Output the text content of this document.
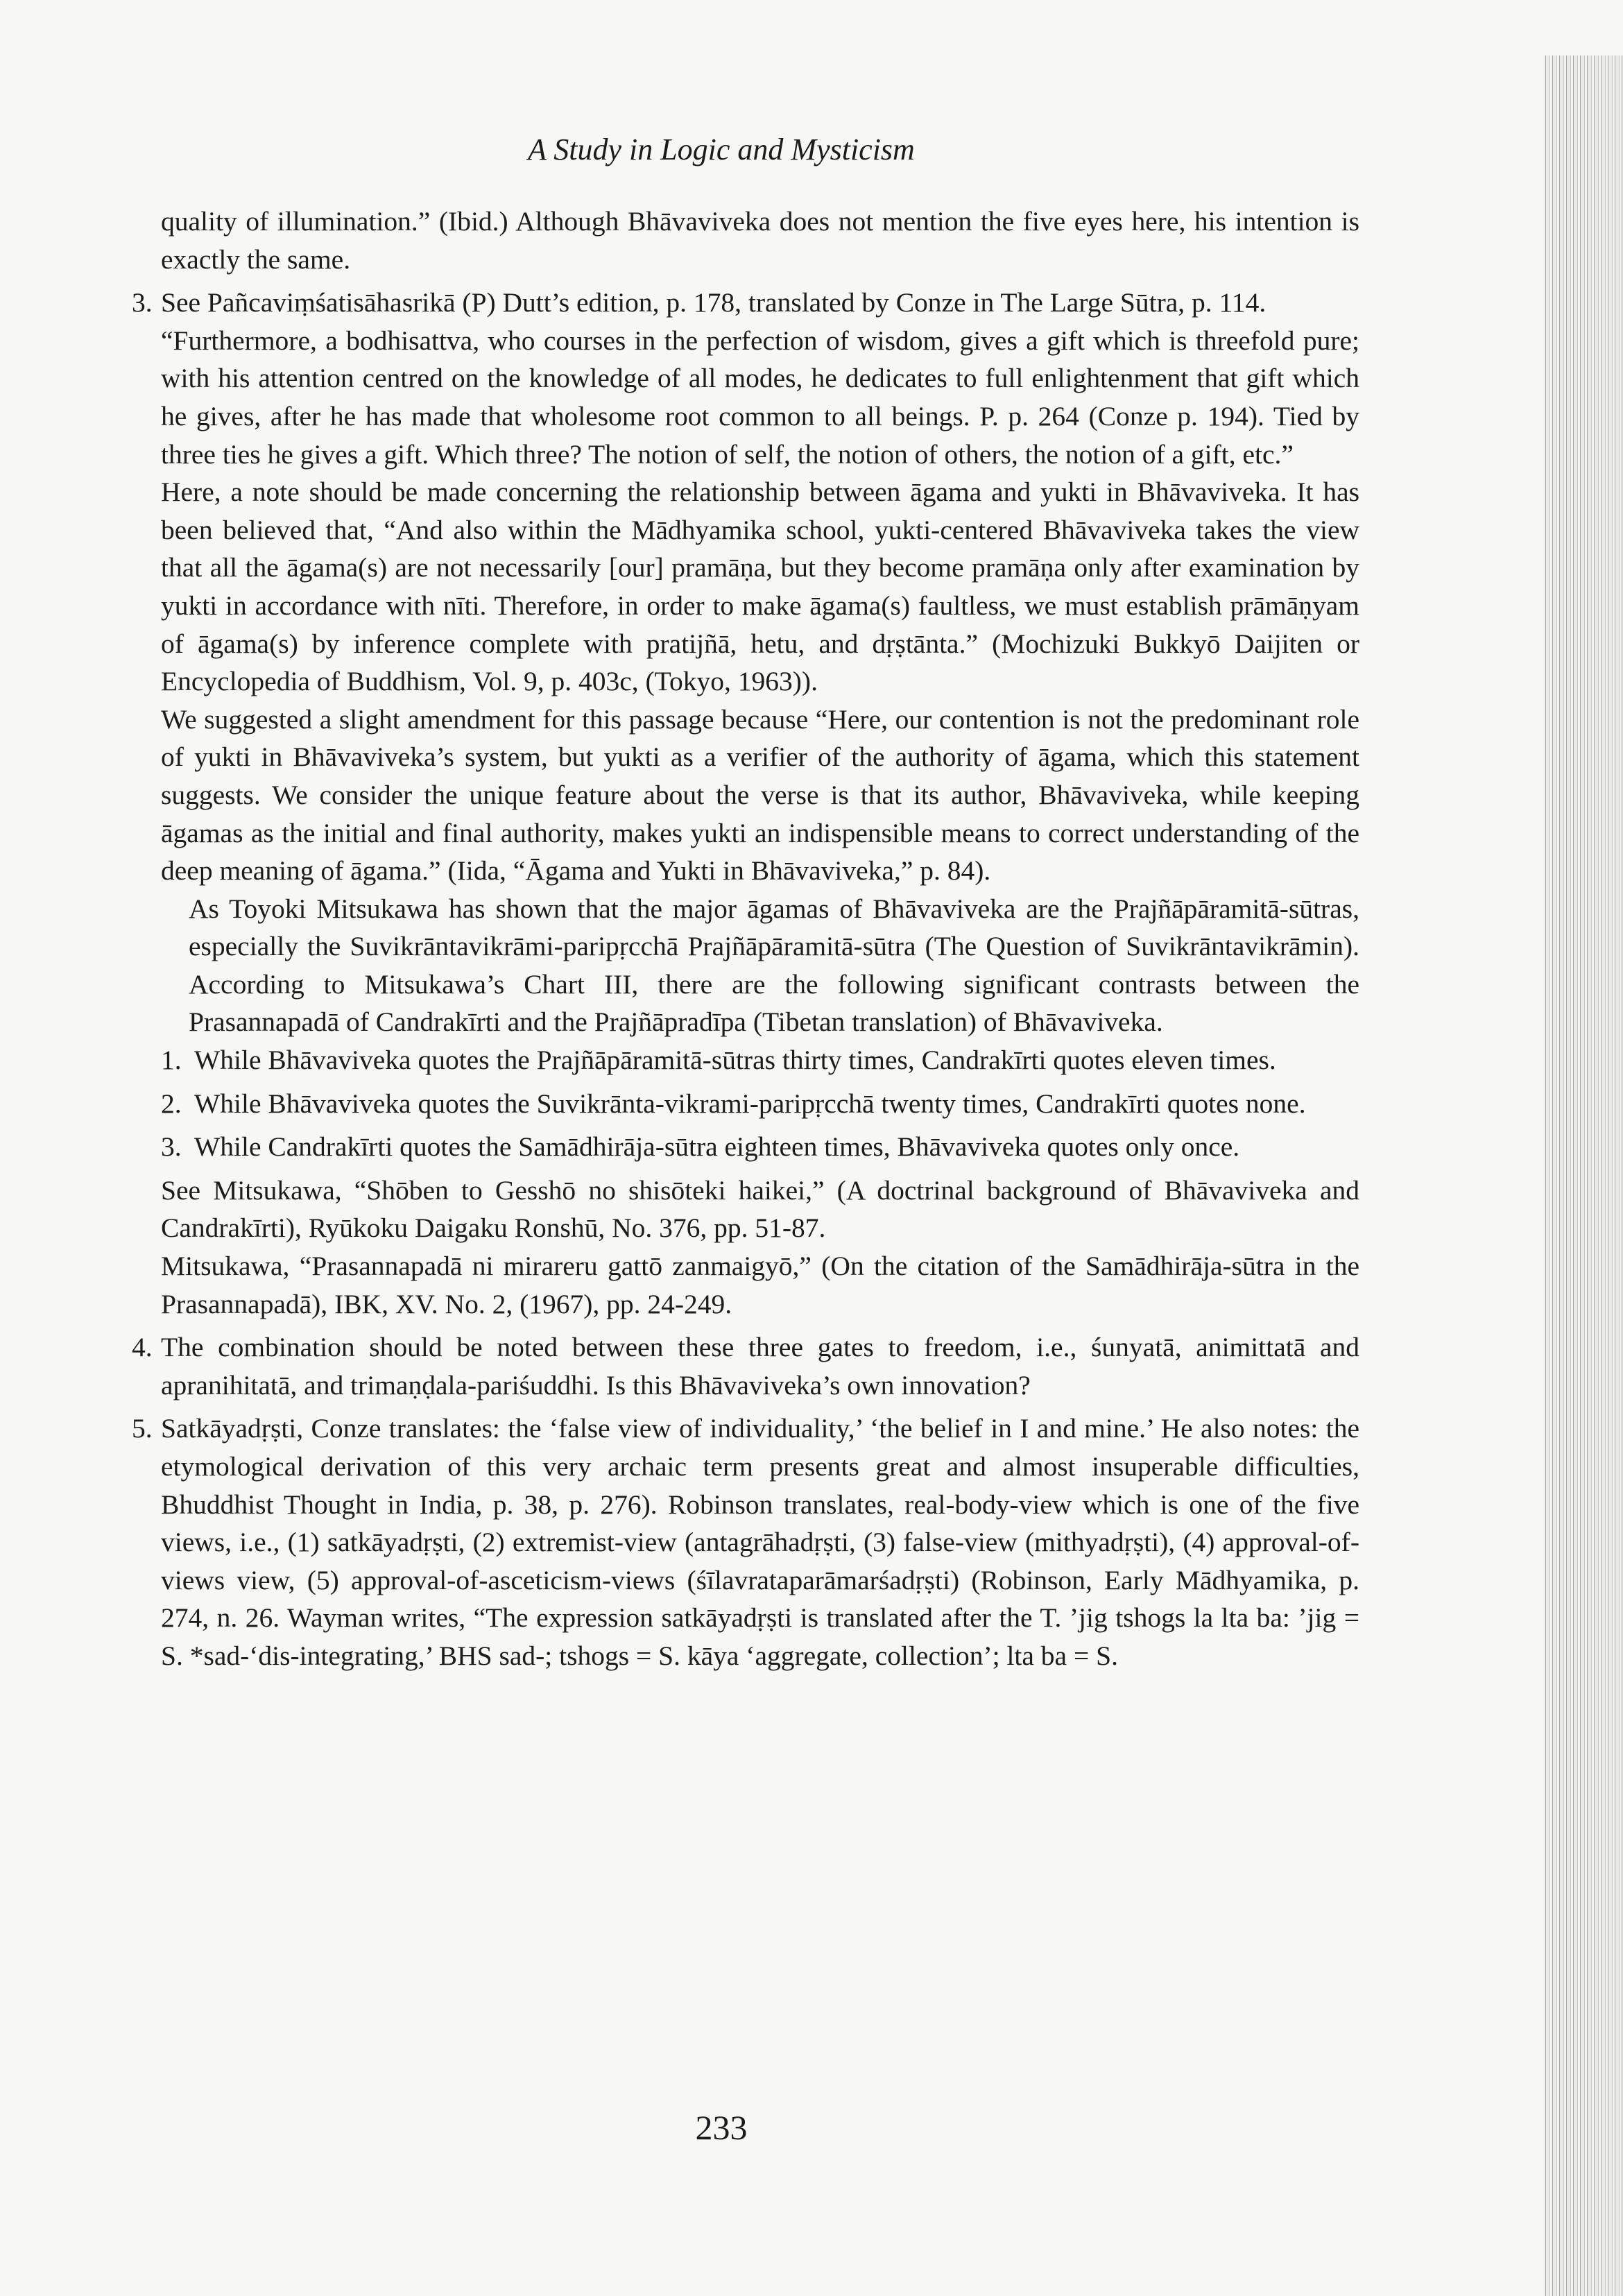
A Study in Logic and Mysticism

quality of illumination.” (Ibid.) Although Bhāvaviveka does not mention the five eyes here, his intention is exactly the same.

3. See Pañcaviṃśatisāhasrikā (P) Dutt’s edition, p. 178, translated by Conze in The Large Sūtra, p. 114.

“Furthermore, a bodhisattva, who courses in the perfection of wisdom, gives a gift which is threefold pure; with his attention centred on the knowledge of all modes, he dedicates to full enlightenment that gift which he gives, after he has made that wholesome root common to all beings. P. p. 264 (Conze p. 194). Tied by three ties he gives a gift. Which three? The notion of self, the notion of others, the notion of a gift, etc.”

Here, a note should be made concerning the relationship between āgama and yukti in Bhāvaviveka. It has been believed that, “And also within the Mādhyamika school, yukti-centered Bhāvaviveka takes the view that all the āgama(s) are not necessarily [our] pramāṇa, but they become pramāṇa only after examination by yukti in accordance with nīti. Therefore, in order to make āgama(s) faultless, we must establish prāmāṇyam of āgama(s) by inference complete with pratijñā, hetu, and dṛṣtānta.” (Mochizuki Bukkyō Daijiten or Encyclopedia of Buddhism, Vol. 9, p. 403c, (Tokyo, 1963)).

We suggested a slight amendment for this passage because “Here, our contention is not the predominant role of yukti in Bhāvaviveka’s system, but yukti as a verifier of the authority of āgama, which this statement suggests. We consider the unique feature about the verse is that its author, Bhāvaviveka, while keeping āgamas as the initial and final authority, makes yukti an indispensible means to correct understanding of the deep meaning of āgama.” (Iida, “Āgama and Yukti in Bhāvaviveka,” p. 84).

As Toyoki Mitsukawa has shown that the major āgamas of Bhāvaviveka are the Prajñāpāramitā-sūtras, especially the Suvikrāntavikrāmi-paripṛcchā Prajñāpāramitā-sūtra (The Question of Suvikrāntavikrāmin). According to Mitsukawa’s Chart III, there are the following significant contrasts between the Prasannapadā of Candrakīrti and the Prajñāpradīpa (Tibetan translation) of Bhāvaviveka.

1. While Bhāvaviveka quotes the Prajñāpāramitā-sūtras thirty times, Candrakīrti quotes eleven times.

2. While Bhāvaviveka quotes the Suvikrānta-vikrami-paripṛcchā twenty times, Candrakīrti quotes none.

3. While Candrakīrti quotes the Samādhirāja-sūtra eighteen times, Bhāvaviveka quotes only once.

See Mitsukawa, “Shōben to Gesshō no shisōteki haikei,” (A doctrinal background of Bhāvaviveka and Candrakīrti), Ryūkoku Daigaku Ronshū, No. 376, pp. 51-87.

Mitsukawa, “Prasannapadā ni mirareru gattō zanmaigyō,” (On the citation of the Samādhirāja-sūtra in the Prasannapadā), IBK, XV. No. 2, (1967), pp. 24-249.

4. The combination should be noted between these three gates to freedom, i.e., śunyatā, animittatā and apranihitatā, and trimaṇḍala-pariśuddhi. Is this Bhāvaviveka’s own innovation?

5. Satkāyadṛṣti, Conze translates: the ‘false view of individuality,’ ‘the belief in I and mine.’ He also notes: the etymological derivation of this very archaic term presents great and almost insuperable difficulties, Bhuddhist Thought in India, p. 38, p. 276). Robinson translates, real-body-view which is one of the five views, i.e., (1) satkāyadṛṣti, (2) extremist-view (antagrāhadṛṣti, (3) false-view (mithyadṛṣti), (4) approval-of-views view, (5) approval-of-asceticism-views (śīlavrataparāmarśadṛṣti) (Robinson, Early Mādhyamika, p. 274, n. 26. Wayman writes, “The expression satkāyadṛṣti is translated after the T. ’jig tshogs la lta ba: ’jig = S. *sad-‘dis-integrating,’ BHS sad-; tshogs = S. kāya ‘aggregate, collection’; lta ba = S.

233
